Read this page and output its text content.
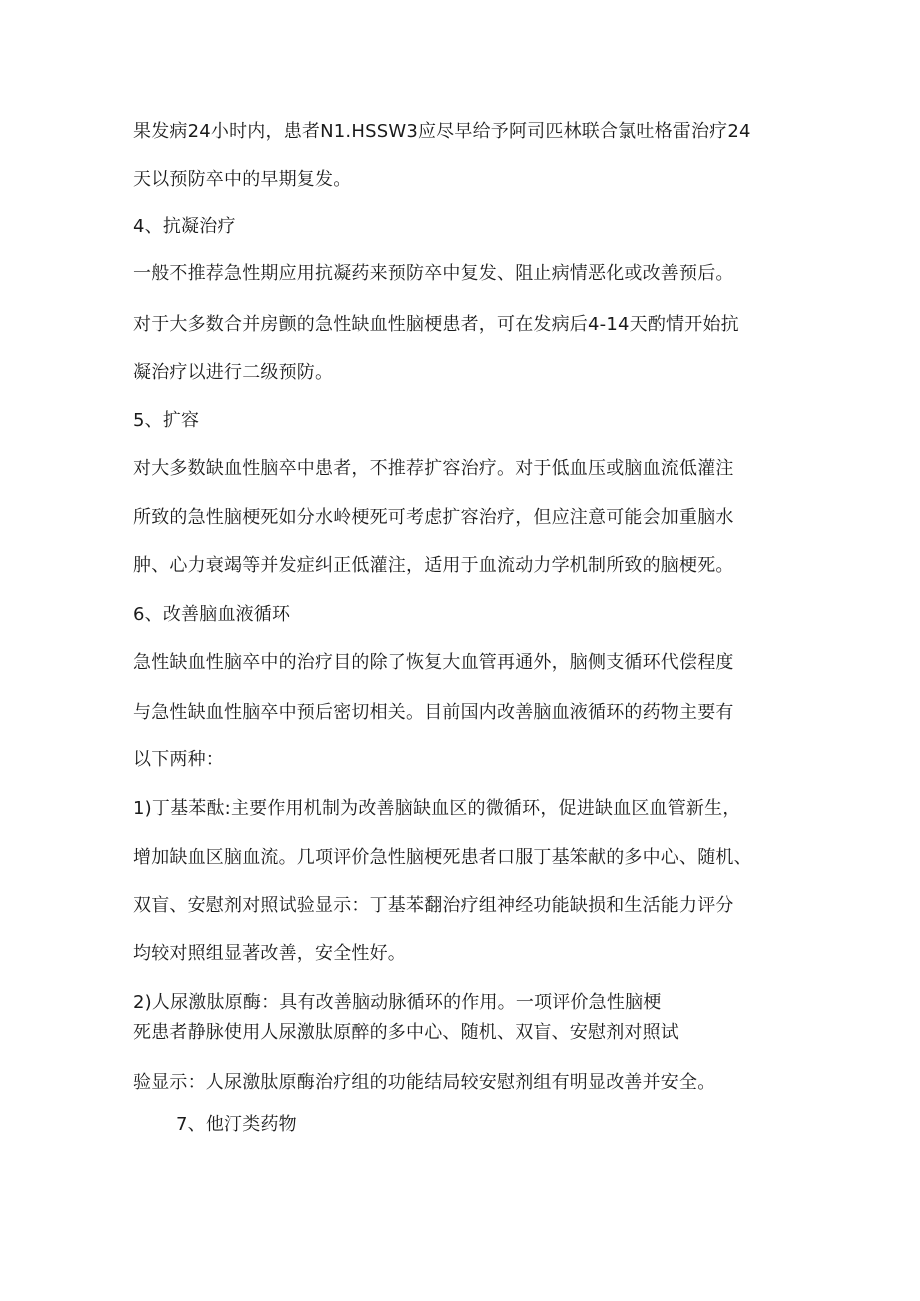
果发病24小时内，患者N1.HSSW3应尽早给予阿司匹林联合氯吐格雷治疗24
天以预防卒中的早期复发。
4、抗凝治疗
一般不推荐急性期应用抗凝药来预防卒中复发、阻止病情恶化或改善预后。
对于大多数合并房颤的急性缺血性脑梗患者，可在发病后4-14天酌情开始抗
凝治疗以进行二级预防。
5、扩容
对大多数缺血性脑卒中患者，不推荐扩容治疗。对于低血压或脑血流低灌注
所致的急性脑梗死如分水岭梗死可考虑扩容治疗，但应注意可能会加重脑水
肿、心力衰竭等并发症纠正低灌注，适用于血流动力学机制所致的脑梗死。
6、改善脑血液循环
急性缺血性脑卒中的治疗目的除了恢复大血管再通外，脑侧支循环代偿程度
与急性缺血性脑卒中预后密切相关。目前国内改善脑血液循环的药物主要有
以下两种：
1)丁基苯酞:主要作用机制为改善脑缺血区的微循环，促进缺血区血管新生，
增加缺血区脑血流。几项评价急性脑梗死患者口服丁基笨献的多中心、随机、
双盲、安慰剂对照试验显示：丁基苯翻治疗组神经功能缺损和生活能力评分
均较对照组显著改善，安全性好。
2)人尿激肽原酶：具有改善脑动脉循环的作用。一项评价急性脑梗
死患者静脉使用人尿激肽原醉的多中心、随机、双盲、安慰剂对照试
验显示：人尿激肽原酶治疗组的功能结局较安慰剂组有明显改善并安全。
7、他汀类药物
